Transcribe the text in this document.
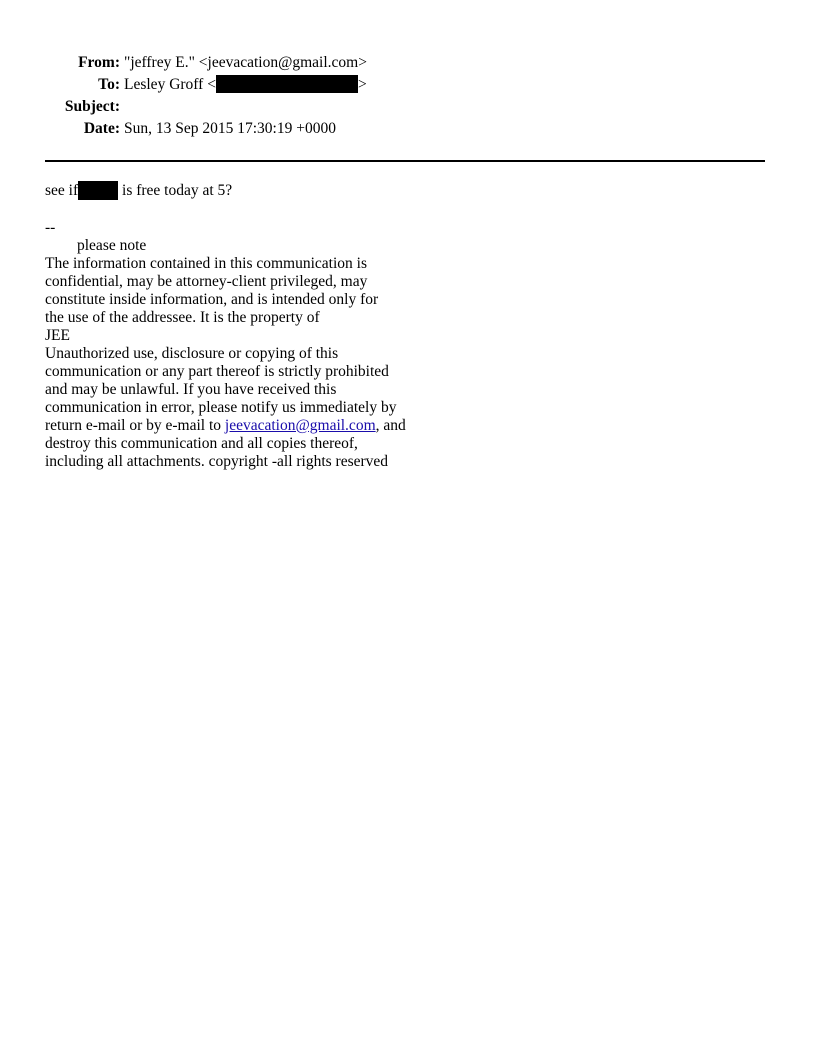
From: "jeffrey E." <jeevacation@gmail.com>
To: Lesley Groff <	>
Subject:
Date: Sun, 13 Sep 2015 17:30:19 +0000
see if	is free today at 5?
--
please note
The information contained in this communication is
confidential, may be attorney-client privileged, may
constitute inside information, and is intended only for
the use of the addressee. It is the property of
JEE
Unauthorized use, disclosure or copying of this
communication or any part thereof is strictly prohibited
and may be unlawful. If you have received this
communication in error, please notify us immediately by
return e-mail or by e-mail to jeevacation@gmail.com, and
destroy this communication and all copies thereof,
including all attachments. copyright -all rights reserved
